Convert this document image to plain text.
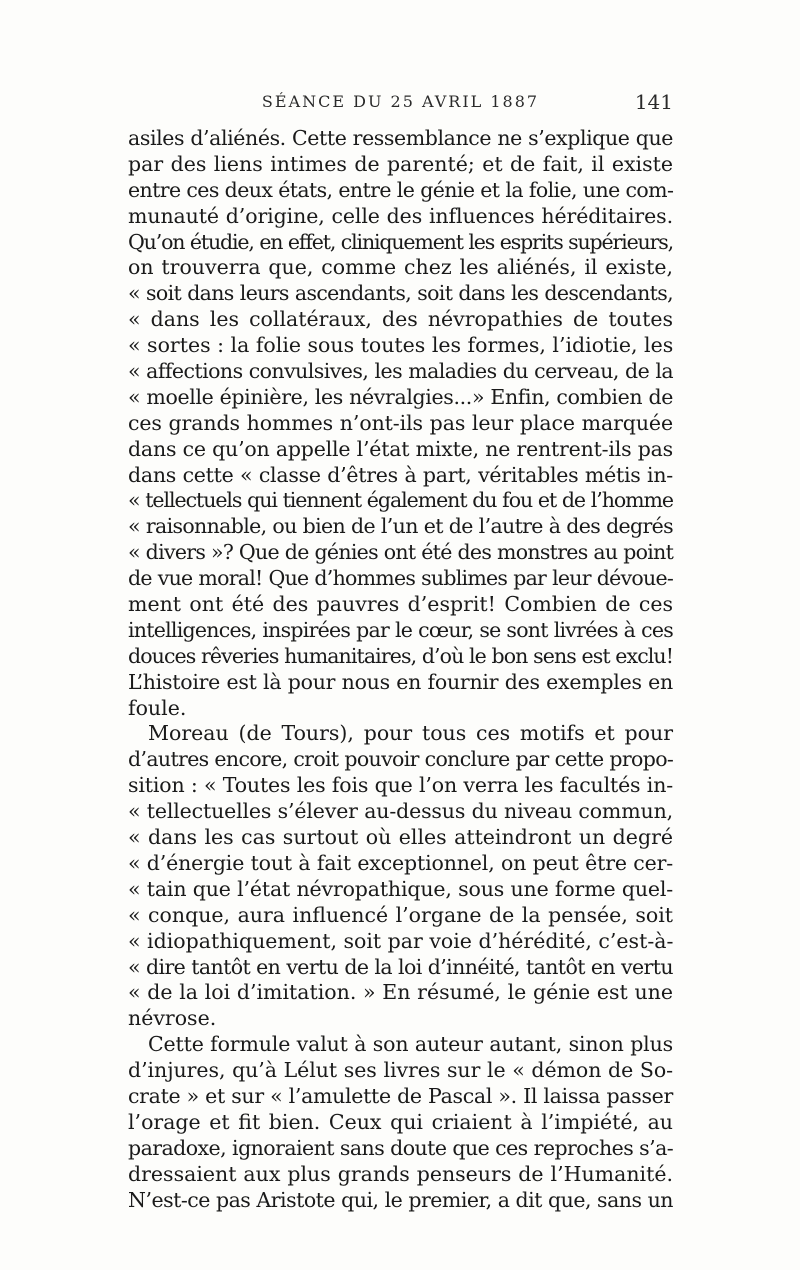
SÉANCE DU 25 AVRIL 1887	141
asiles d’aliénés. Cette ressemblance ne s’explique que
par des liens intimes de parenté; et de fait, il existe
entre ces deux états, entre le génie et la folie, une com-
munauté d’origine, celle des influences héréditaires.
Qu’on étudie, en effet, cliniquement les esprits supérieurs,
on trouverra que, comme chez les aliénés, il existe,
« soit dans leurs ascendants, soit dans les descendants,
« dans les collatéraux, des névropathies de toutes
« sortes : la folie sous toutes les formes, l’idiotie, les
« affections convulsives, les maladies du cerveau, de la
« moelle épinière, les névralgies...» Enfin, combien de
ces grands hommes n’ont-ils pas leur place marquée
dans ce qu’on appelle l’état mixte, ne rentrent-ils pas
dans cette « classe d’êtres à part, véritables métis in-
« tellectuels qui tiennent également du fou et de l’homme
« raisonnable, ou bien de l’un et de l’autre à des degrés
« divers »? Que de génies ont été des monstres au point
de vue moral! Que d’hommes sublimes par leur dévoue-
ment ont été des pauvres d’esprit! Combien de ces
intelligences, inspirées par le cœur, se sont livrées à ces
douces rêveries humanitaires, d’où le bon sens est exclu!
L’histoire est là pour nous en fournir des exemples en
foule.
Moreau (de Tours), pour tous ces motifs et pour
d’autres encore, croit pouvoir conclure par cette propo-
sition : « Toutes les fois que l’on verra les facultés in-
« tellectuelles s’élever au-dessus du niveau commun,
« dans les cas surtout où elles atteindront un degré
« d’énergie tout à fait exceptionnel, on peut être cer-
« tain que l’état névropathique, sous une forme quel-
« conque, aura influencé l’organe de la pensée, soit
« idiopathiquement, soit par voie d’hérédité, c’est-à-
« dire tantôt en vertu de la loi d’innéité, tantôt en vertu
« de la loi d’imitation. » En résumé, le génie est une
névrose.
Cette formule valut à son auteur autant, sinon plus
d’injures, qu’à Lélut ses livres sur le « démon de So-
crate » et sur « l’amulette de Pascal ». Il laissa passer
l’orage et fit bien. Ceux qui criaient à l’impiété, au
paradoxe, ignoraient sans doute que ces reproches s’a-
dressaient aux plus grands penseurs de l’Humanité.
N’est-ce pas Aristote qui, le premier, a dit que, sans un
